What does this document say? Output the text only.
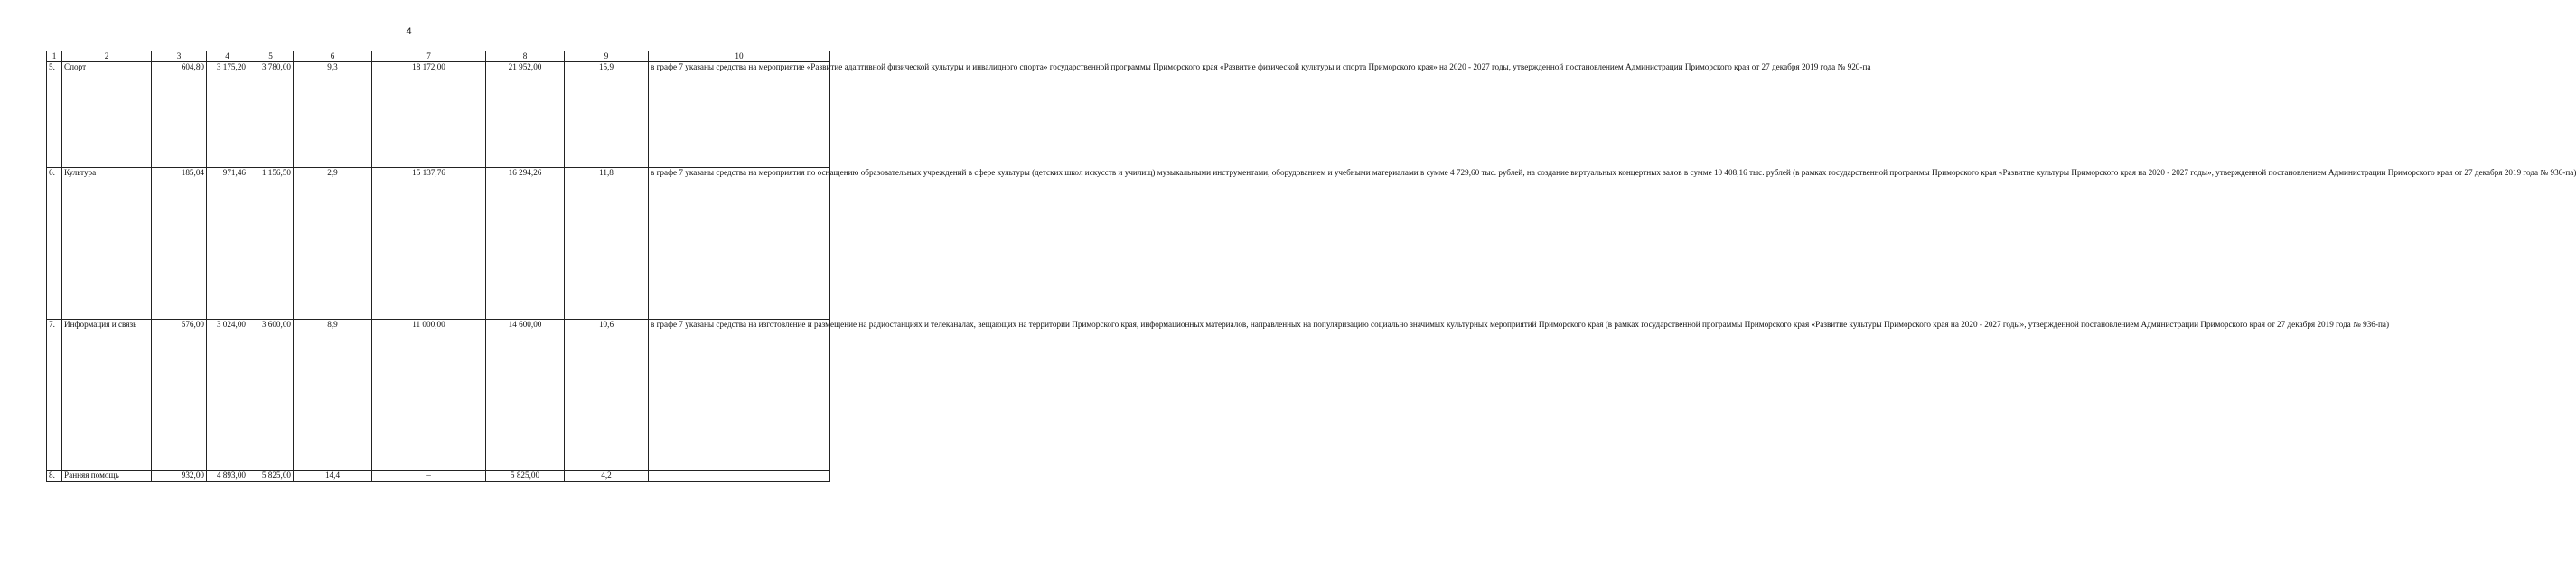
4
1	2	3	4	5	6	7	8	9	10
5.	Спорт	604,80	3 175,20	3 780,00	9,3	18 172,00	21 952,00	15,9	в графе 7 указаны средства на мероприятие «Развитие адаптивной физической культуры и инвалидного спорта» государственной программы Приморского края «Развитие физической культуры и спорта Приморского края» на 2020 - 2027 годы, утвержденной постановлением Администрации Приморского края от 27 декабря 2019 года № 920-па
6.	Культура	185,04	971,46	1 156,50	2,9	15 137,76	16 294,26	11,8	в графе 7 указаны средства на мероприятия по оснащению образовательных учреждений в сфере культуры (детских школ искусств и училищ) музыкальными инструментами, оборудованием и учебными материалами в сумме 4 729,60 тыс. рублей, на создание виртуальных концертных залов в сумме 10 408,16 тыс. рублей (в рамках государственной программы Приморского края «Развитие культуры Приморского края на 2020 - 2027 годы», утвержденной постановлением Администрации Приморского края от 27 декабря 2019 года № 936-па)
7.	Информация и связь	576,00	3 024,00	3 600,00	8,9	11 000,00	14 600,00	10,6	в графе 7 указаны средства на изготовление и размещение на радиостанциях и телеканалах, вещающих на территории Приморского края, информационных материалов, направленных на популяризацию социально значимых культурных мероприятий Приморского края (в рамках государственной программы Приморского края «Развитие культуры Приморского края на 2020 - 2027 годы», утвержденной постановлением Администрации Приморского края от 27 декабря 2019 года № 936-па)
8.	Ранняя помощь	932,00	4 893,00	5 825,00	14,4	–	5 825,00	4,2	
